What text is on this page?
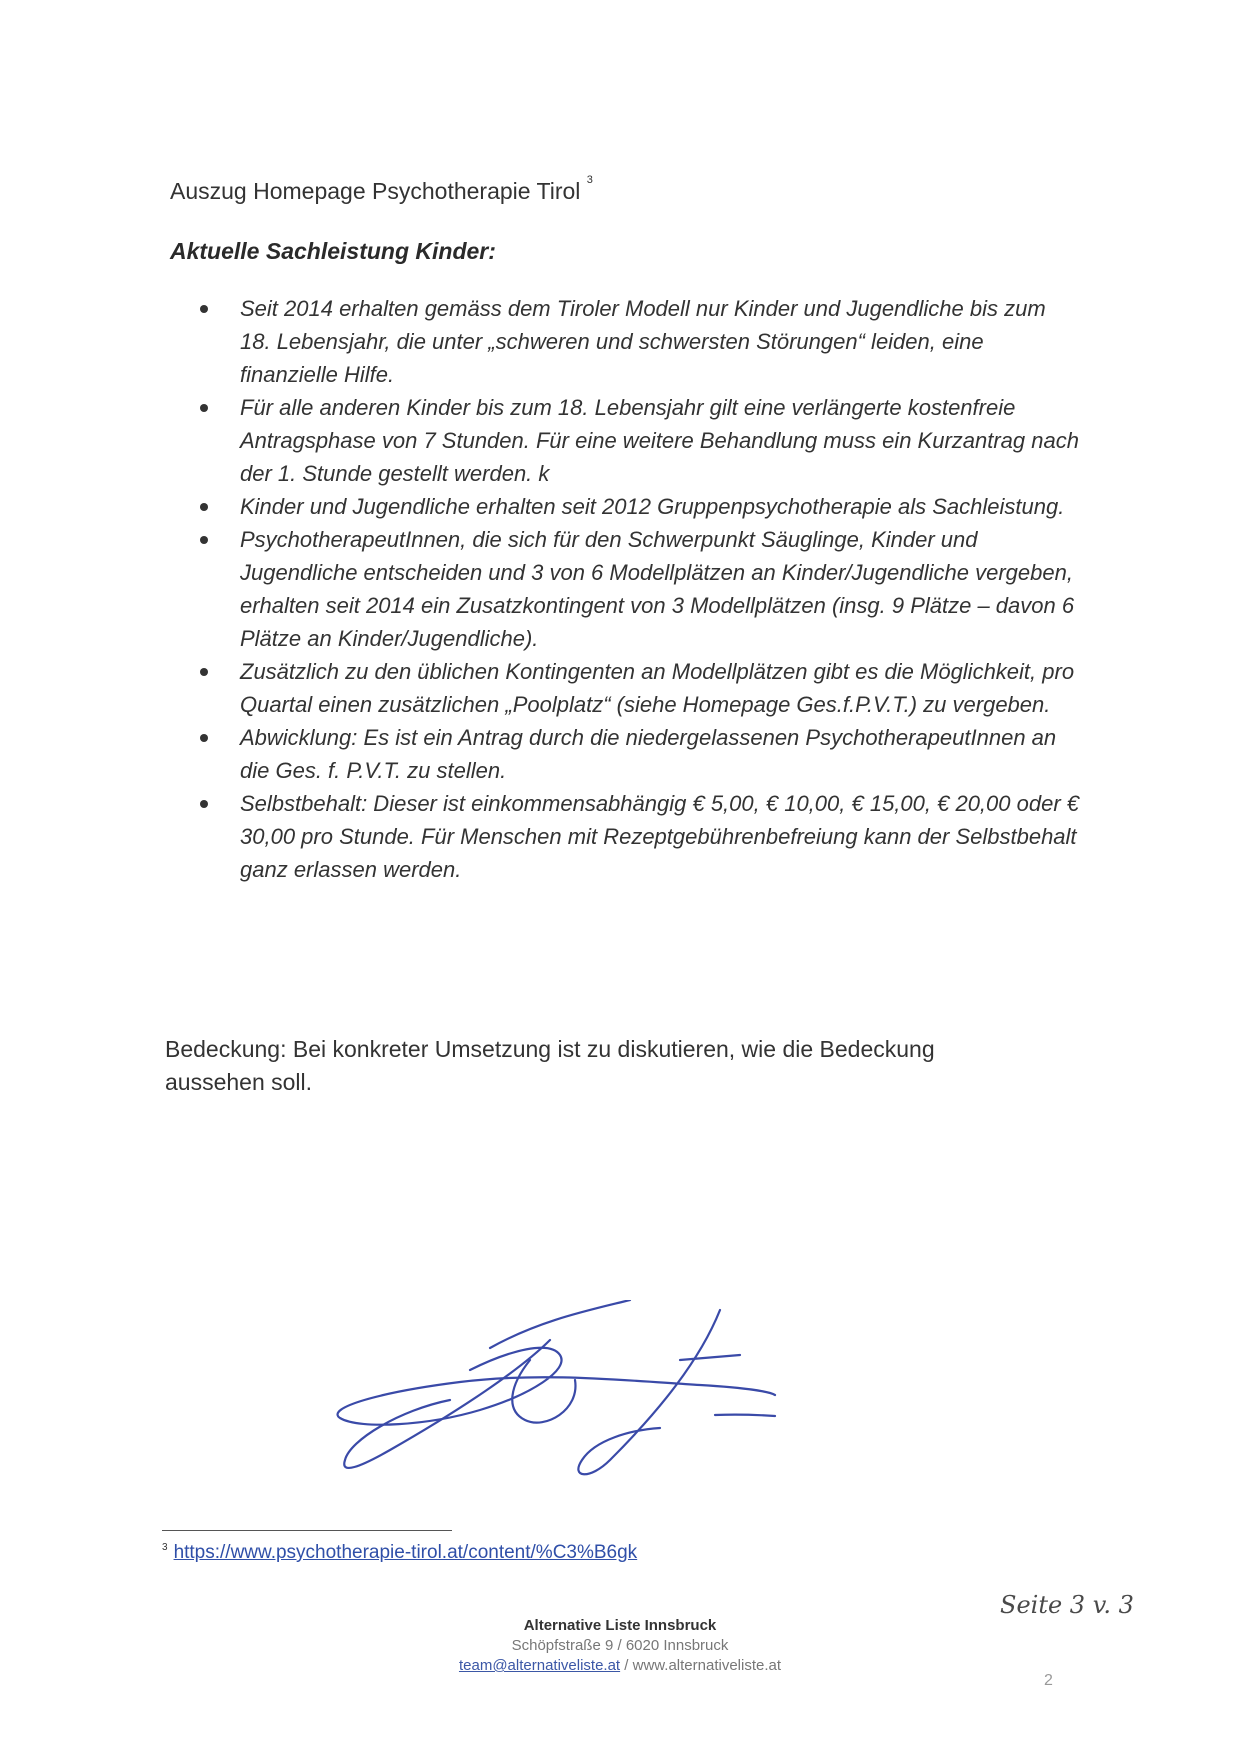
Auszug Homepage Psychotherapie Tirol $^3$
Aktuelle Sachleistung Kinder:
Seit 2014 erhalten gemäss dem Tiroler Modell nur Kinder und Jugendliche bis zum 18. Lebensjahr, die unter „schweren und schwersten Störungen“ leiden, eine finanzielle Hilfe.
Für alle anderen Kinder bis zum 18. Lebensjahr gilt eine verlängerte kostenfreie Antragsphase von 7 Stunden. Für eine weitere Behandlung muss ein Kurzantrag nach der 1. Stunde gestellt werden. k
Kinder und Jugendliche erhalten seit 2012 Gruppenpsychotherapie als Sachleistung.
PsychotherapeutInnen, die sich für den Schwerpunkt Säuglinge, Kinder und Jugendliche entscheiden und 3 von 6 Modellplätzen an Kinder/Jugendliche vergeben, erhalten seit 2014 ein Zusatzkontingent von 3 Modellplätzen (insg. 9 Plätze – davon 6 Plätze an Kinder/Jugendliche).
Zusätzlich zu den üblichen Kontingenten an Modellplätzen gibt es die Möglichkeit, pro Quartal einen zusätzlichen „Poolplatz“ (siehe Homepage Ges.f.P.V.T.) zu vergeben.
Abwicklung: Es ist ein Antrag durch die niedergelassenen PsychotherapeutInnen an die Ges. f. P.V.T. zu stellen.
Selbstbehalt: Dieser ist einkommensabhängig € 5,00, € 10,00, € 15,00, € 20,00 oder € 30,00 pro Stunde. Für Menschen mit Rezeptgebührenbefreiung kann der Selbstbehalt ganz erlassen werden.
Bedeckung: Bei konkreter Umsetzung ist zu diskutieren, wie die Bedeckung aussehen soll.
$^3$ https://www.psychotherapie-tirol.at/content/%C3%B6gk
Seite 3 v. 3
Alternative Liste Innsbruck
Schöpfstraße 9 / 6020 Innsbruck
team@alternativeliste.at / www.alternativeliste.at
2
